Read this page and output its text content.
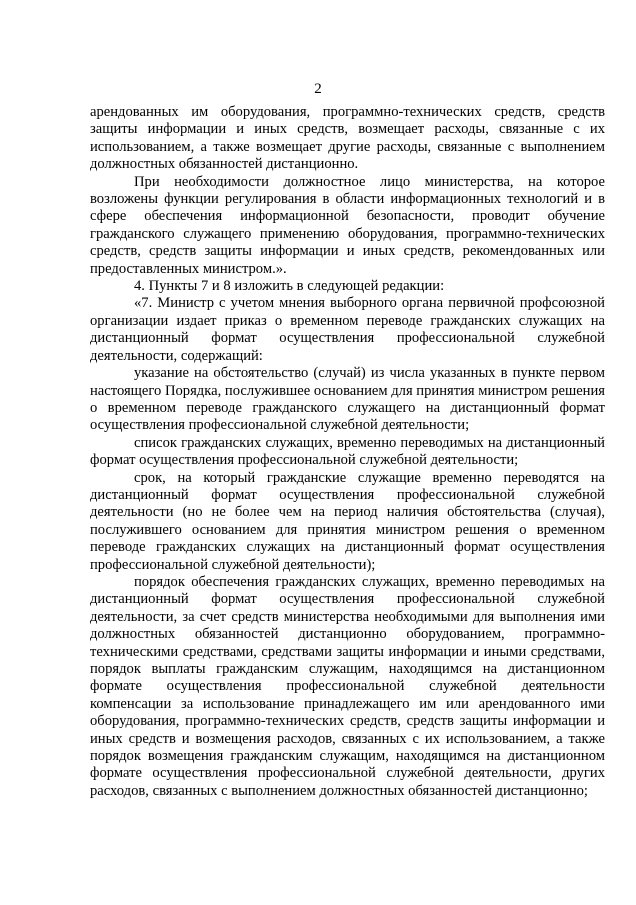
2

арендованных им оборудования, программно-технических средств, средств защиты информации и иных средств, возмещает расходы, связанные с их использованием, а также возмещает другие расходы, связанные с выполнением должностных обязанностей дистанционно.

При необходимости должностное лицо министерства, на которое возложены функции регулирования в области информационных технологий и в сфере обеспечения информационной безопасности, проводит обучение гражданского служащего применению оборудования, программно-технических средств, средств защиты информации и иных средств, рекомендованных или предоставленных министром.».

4. Пункты 7 и 8 изложить в следующей редакции:

«7. Министр с учетом мнения выборного органа первичной профсоюзной организации издает приказ о временном переводе гражданских служащих на дистанционный формат осуществления профессиональной служебной деятельности, содержащий:

указание на обстоятельство (случай) из числа указанных в пункте первом настоящего Порядка, послужившее основанием для принятия министром решения о временном переводе гражданского служащего на дистанционный формат осуществления профессиональной служебной деятельности;

список гражданских служащих, временно переводимых на дистанционный формат осуществления профессиональной служебной деятельности;

срок, на который гражданские служащие временно переводятся на дистанционный формат осуществления профессиональной служебной деятельности (но не более чем на период наличия обстоятельства (случая), послужившего основанием для принятия министром решения о временном переводе гражданских служащих на дистанционный формат осуществления профессиональной служебной деятельности);

порядок обеспечения гражданских служащих, временно переводимых на дистанционный формат осуществления профессиональной служебной деятельности, за счет средств министерства необходимыми для выполнения ими должностных обязанностей дистанционно оборудованием, программно-техническими средствами, средствами защиты информации и иными средствами, порядок выплаты гражданским служащим, находящимся на дистанционном формате осуществления профессиональной служебной деятельности компенсации за использование принадлежащего им или арендованного ими оборудования, программно-технических средств, средств защиты информации и иных средств и возмещения расходов, связанных с их использованием, а также порядок возмещения гражданским служащим, находящимся на дистанционном формате осуществления профессиональной служебной деятельности, других расходов, связанных с выполнением должностных обязанностей дистанционно;
